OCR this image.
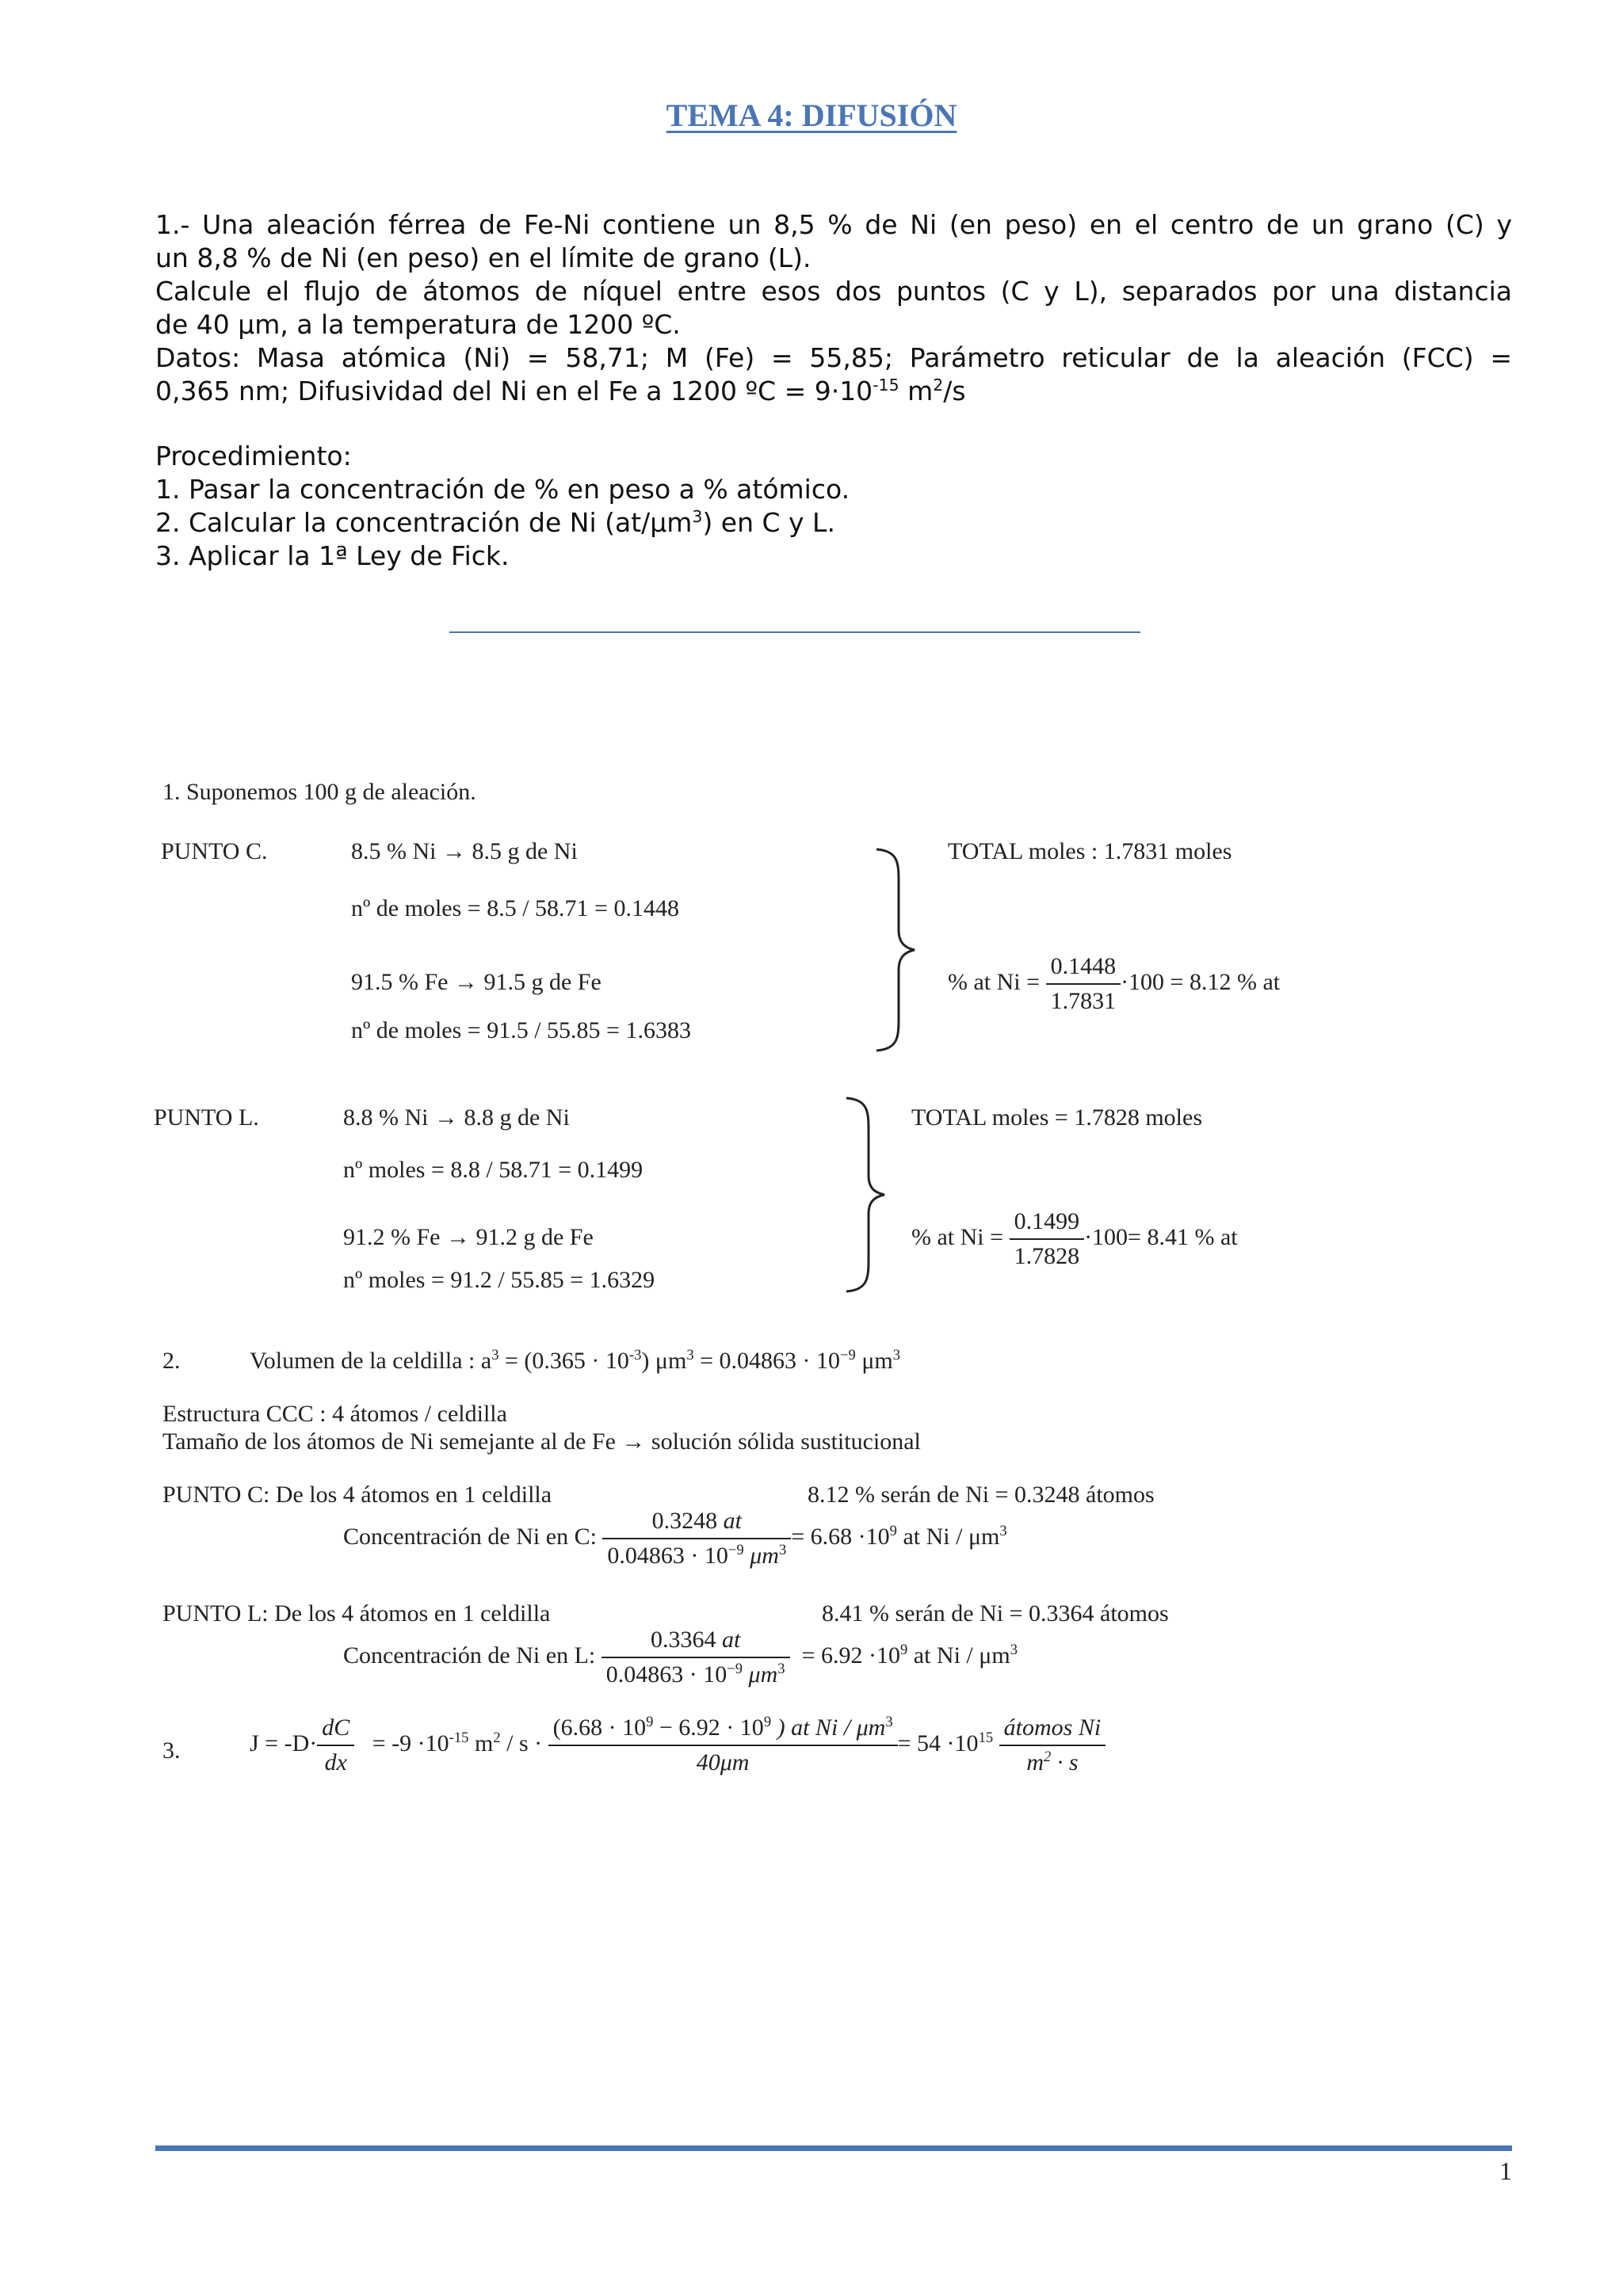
TEMA 4: DIFUSIÓN

1.- Una aleación férrea de Fe-Ni contiene un 8,5 % de Ni (en peso) en el centro de un grano (C) y

un 8,8 % de Ni (en peso) en el límite de grano (L).

Calcule el flujo de átomos de níquel entre esos dos puntos (C y L), separados por una distancia

de 40 μm, a la temperatura de 1200 ºC.

Datos: Masa atómica (Ni) = 58,71; M (Fe) = 55,85; Parámetro reticular de la aleación (FCC) =

0,365 nm; Difusividad del Ni en el Fe a 1200 ºC = $9\cdot 10^{-15}$ $m^2/s$

Procedimiento:

1. Pasar la concentración de % en peso a % atómico.

2. Calcular la concentración de Ni $(at/\mu m^3)$ en C y L.

3. Aplicar la 1ª Ley de Fick.

1. Suponemos 100 g de aleación.
PUNTO C.	8.5 % Ni → 8.5 g de Ni
nº de moles = 8.5 / 58.71 = 0.1448
91.5 % Fe → 91.5 g de Fe
nº de moles = 91.5 / 55.85 = 1.6383
TOTAL moles : 1.7831 moles
% at $Ni = \frac{0.1448}{1.7831} \cdot 100 = 8.12$ % at
PUNTO L.	8.8 % Ni → 8.8 g de Ni
nº moles = 8.8 / 58.71 = 0.1499
91.2 % Fe → 91.2 g de Fe
nº moles = 91.2 / 55.85 = 1.6329
TOTAL moles = 1.7828 moles
% at $Ni = \frac{0.1499}{1.7828} \cdot 100= 8.41$ % at
2.	Volumen de la celdilla : $a^3 = (0.365 \cdot 10^{-3}) \mu m^3 = 0.04863 \cdot 10^{-9}$ $\mu m^3$
Estructura CCC : 4 átomos / celdilla
Tamaño de los átomos de Ni semejante al de Fe → solución sólida sustitucional
PUNTO C: De los 4 átomos en 1 celdilla	8.12 % serán de Ni = 0.3248 átomos
Concentración de Ni en C: $\frac{0.3248 at}{0.04863 \cdot 10^{-9} \mu m^3} = 6.68 \cdot 10^9$ at Ni / $\mu m^3$
PUNTO L: De los 4 átomos en 1 celdilla	8.41 % serán de Ni = 0.3364 átomos
Concentración de Ni en L: $\frac{0.3364 at}{0.04863 \cdot 10^{-9} \mu m^3} = 6.92 \cdot 10^9$ at Ni / $\mu m^3$
3.	$J = -D\cdot \frac{dC}{dx} = -9 \cdot 10^{-15}$ $m^2 / s \cdot \frac{(6.68 \cdot 10^9 - 6.92 \cdot 10^9 ) at Ni / \mu m^3}{40\mu m} = 54 \cdot 10^{15} \frac{\text{átomos Ni}}{m^2 \cdot s}$
1
